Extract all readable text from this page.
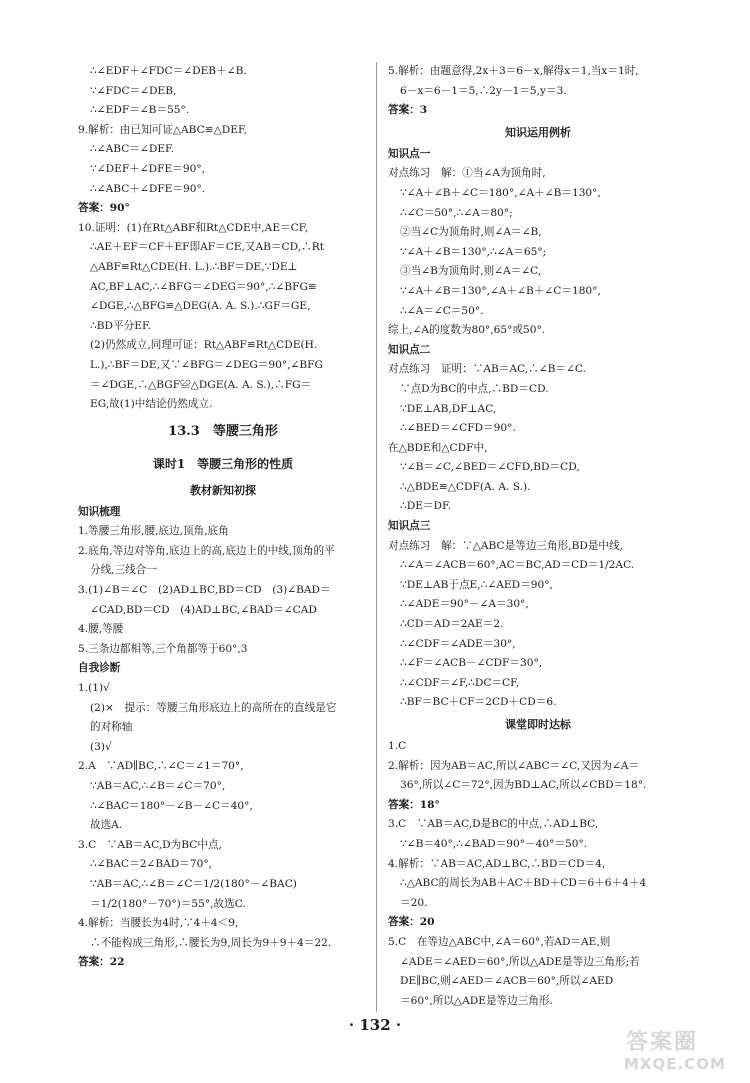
∴∠EDF＋∠FDC＝∠DEB＋∠B.
∵∠FDC＝∠DEB,
∴∠EDF＝∠B＝55°.
9.解析：由已知可证△ABC≌△DEF,
∴∠ABC＝∠DEF.
∵∠DEF＋∠DFE＝90°,
∴∠ABC＋∠DFE＝90°.
答案：90°
10.证明：(1)在Rt△ABF和Rt△CDE中,AE＝CF,
∴AE＋EF＝CF＋EF即AF＝CE,又AB＝CD,∴Rt
△ABF≌Rt△CDE(H. L.).∴BF＝DE,∵DE⊥
AC,BF⊥AC,∴∠BFG＝∠DEG＝90°,∴∠BFG≌
∠DGE,∴△BFG≌△DEG(A. A. S.).∴GF＝GE,
∴BD平分EF.
(2)仍然成立,同理可证：Rt△ABF≌Rt△CDE(H.
L.),∴BF＝DE,又∵∠BFG＝∠DEG＝90°,∠BFG
＝∠DGE,∴△BGF≌△DGE(A. A. S.),∴FG＝
EG,故(1)中结论仍然成立.
13.3　等腰三角形
课时1　等腰三角形的性质
教材新知初探
知识梳理
1.等腰三角形,腰,底边,顶角,底角
2.底角,等边对等角,底边上的高,底边上的中线,顶角的平
分线,三线合一
3.(1)∠B＝∠C　(2)AD⊥BC,BD＝CD　(3)∠BAD＝
∠CAD,BD＝CD　(4)AD⊥BC,∠BAD＝∠CAD
4.腰,等腰
5.三条边都相等,三个角都等于60°,3
自我诊断
1.(1)√
(2)×　提示：等腰三角形底边上的高所在的直线是它
的对称轴
(3)√
2.A　∵AD∥BC,∴∠C＝∠1＝70°,
∵AB＝AC,∴∠B＝∠C＝70°,
∴∠BAC＝180°－∠B－∠C＝40°,
故选A.
3.C　∵AB＝AC,D为BC中点,
∴∠BAC＝2∠BAD＝70°,
∵AB＝AC,∴∠B＝∠C＝1/2(180°－∠BAC)
＝1/2(180°－70°)＝55°,故选C.
4.解析：当腰长为4时,∵4＋4＜9,
∴不能构成三角形,∴腰长为9,周长为9＋9＋4＝22.
答案：22
5.解析：由题意得,2x＋3＝6－x,解得x＝1,当x＝1时,
6－x＝6－1＝5,∴2y－1＝5,y＝3.
答案：3
知识运用例析
知识点一
对点练习　解：①当∠A为顶角时,
∵∠A＋∠B＋∠C＝180°,∠A＋∠B＝130°,
∴∠C＝50°,∴∠A＝80°;
②当∠C为顶角时,则∠A＝∠B,
∵∠A＋∠B＝130°,∴∠A＝65°;
③当∠B为顶角时,则∠A＝∠C,
∵∠A＋∠B＝130°,∠A＋∠B＋∠C＝180°,
∴∠A＝∠C＝50°.
综上,∠A的度数为80°,65°或50°.
知识点二
对点练习　证明：∵AB＝AC,∴∠B＝∠C.
∵点D为BC的中点,∴BD＝CD.
∵DE⊥AB,DF⊥AC,
∴∠BED＝∠CFD＝90°.
在△BDE和△CDF中,
∵∠B＝∠C,∠BED＝∠CFD,BD＝CD,
∴△BDE≌△CDF(A. A. S.).
∴DE＝DF.
知识点三
对点练习　解：∵△ABC是等边三角形,BD是中线,
∴∠A＝∠ACB＝60°,AC＝BC,AD＝CD＝1/2AC.
∵DE⊥AB于点E,∴∠AED＝90°,
∴∠ADE＝90°－∠A＝30°,
∴CD＝AD＝2AE＝2.
∴∠CDF＝∠ADE＝30°,
∴∠F＝∠ACB－∠CDF＝30°,
∴∠CDF＝∠F,∴DC＝CF,
∴BF＝BC＋CF＝2CD＋CD＝6.
课堂即时达标
1.C
2.解析：因为AB＝AC,所以∠ABC＝∠C,又因为∠A＝
36°,所以∠C＝72°,因为BD⊥AC,所以∠CBD＝18°.
答案：18°
3.C　∵AB＝AC,D是BC的中点,∴AD⊥BC,
∵∠B＝40°,∴∠BAD＝90°－40°＝50°.
4.解析：∵AB＝AC,AD⊥BC,∴BD＝CD＝4,
∴△ABC的周长为AB＋AC＋BD＋CD＝6＋6＋4＋4
＝20.
答案：20
5.C　在等边△ABC中,∠A＝60°,若AD＝AE,则
∠ADE＝∠AED＝60°,所以△ADE是等边三角形;若
DE∥BC,则∠AED＝∠ACB＝60°,所以∠AED
＝60°,所以△ADE是等边三角形.
· 132 ·
答案圈
MXQE.COM
